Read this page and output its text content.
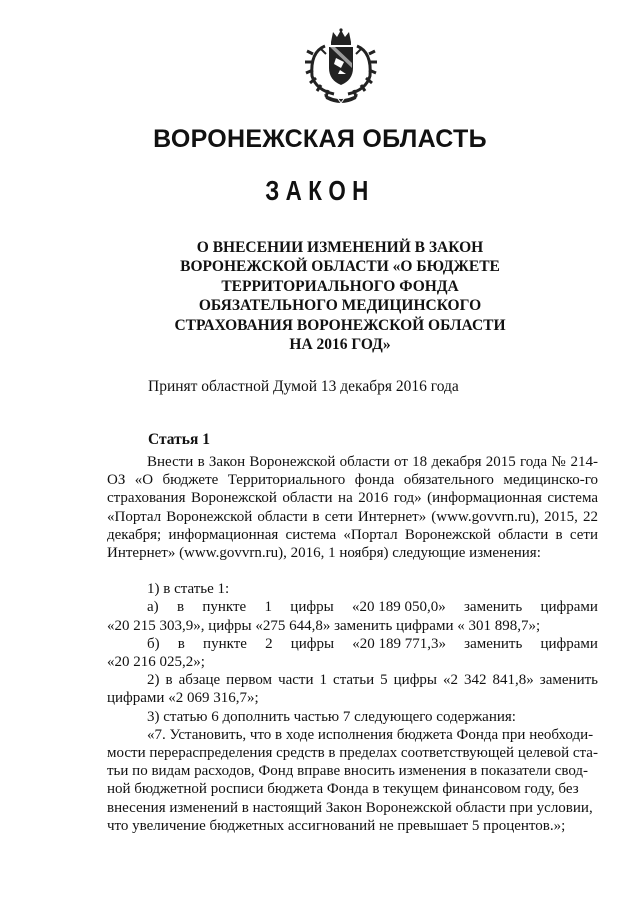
ВОРОНЕЖСКАЯ ОБЛАСТЬ
ЗАКОН
О ВНЕСЕНИИ ИЗМЕНЕНИЙ В ЗАКОН
ВОРОНЕЖСКОЙ ОБЛАСТИ «О БЮДЖЕТЕ
ТЕРРИТОРИАЛЬНОГО ФОНДА
ОБЯЗАТЕЛЬНОГО МЕДИЦИНСКОГО
СТРАХОВАНИЯ ВОРОНЕЖСКОЙ ОБЛАСТИ
НА 2016 ГОД»
Принят областной Думой 13 декабря 2016 года
Статья 1

Внести в Закон Воронежской области от 18 декабря 2015 года № 214-ОЗ «О бюджете Территориального фонда обязательного медицинско-го страхования Воронежской области на 2016 год» (информационная система «Портал Воронежской области в сети Интернет» (www.govvrn.ru), 2015, 22 декабря; информационная система «Портал Воронежской области в сети Интернет» (www.govvrn.ru), 2016, 1 ноября) следующие изменения:

1) в статье 1:
а) в пункте 1 цифры «20 189 050,0» заменить цифрами
«20 215 303,9», цифры «275 644,8» заменить цифрами « 301 898,7»;
б) в пункте 2 цифры «20 189 771,3» заменить цифрами
«20 216 025,2»;

2) в абзаце первом части 1 статьи 5 цифры «2 342 841,8» заменить цифрами «2 069 316,7»;

3) статью 6 дополнить частью 7 следующего содержания:
«7. Установить, что в ходе исполнения бюджета Фонда при необходи-
мости перераспределения средств в пределах соответствующей целевой ста-
тьи по видам расходов, Фонд вправе вносить изменения в показатели свод-
ной бюджетной росписи бюджета Фонда в текущем финансовом году, без
внесения изменений в настоящий Закон Воронежской области при условии,
что увеличение бюджетных ассигнований не превышает 5 процентов.»;
